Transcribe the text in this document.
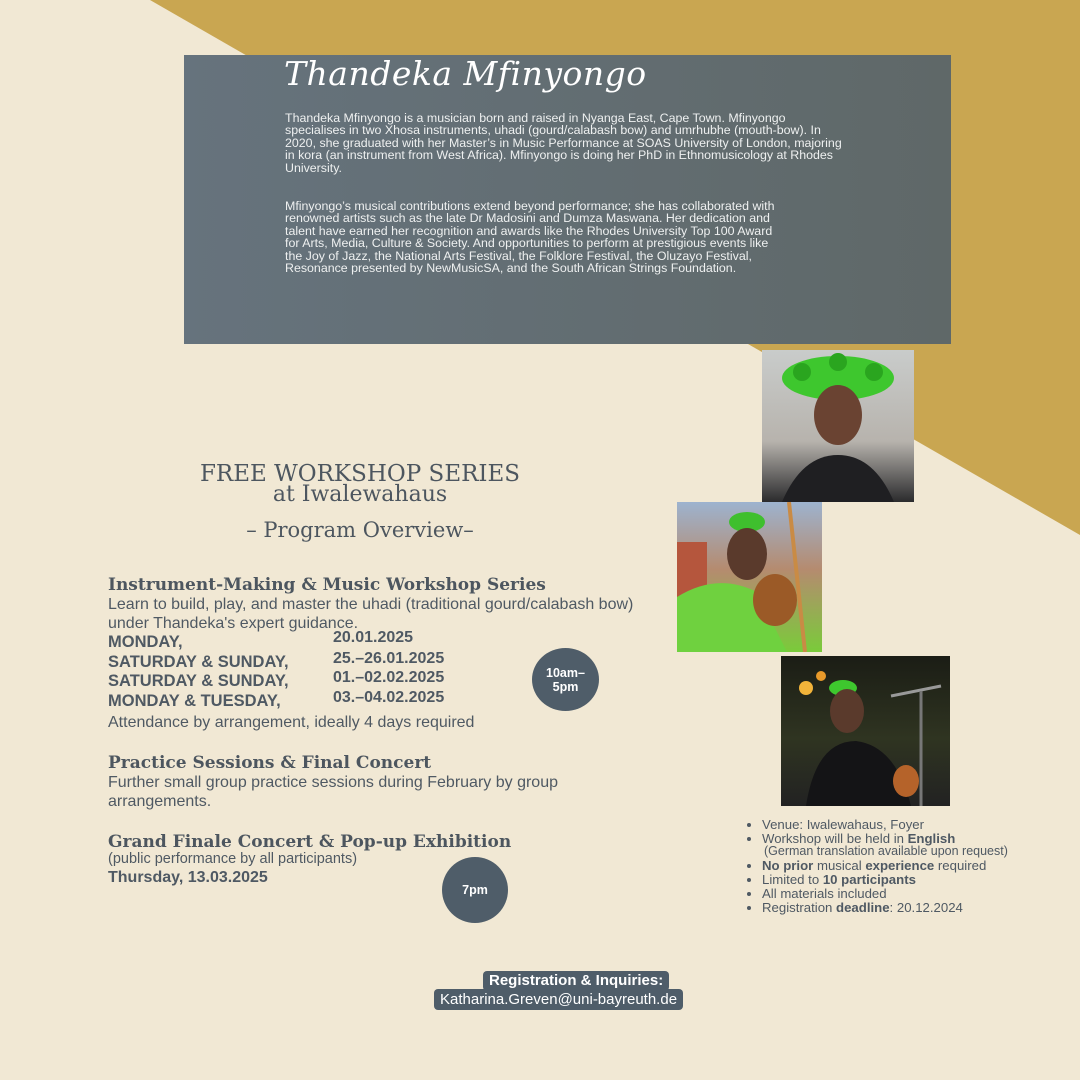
Thandeka Mfinyongo

Thandeka Mfinyongo is a musician born and raised in Nyanga East, Cape Town. Mfinyongo specialises in two Xhosa instruments, uhadi (gourd/calabash bow) and umrhubhe (mouth-bow). In 2020, she graduated with her Master’s in Music Performance at SOAS University of London, majoring in kora (an instrument from West Africa). Mfinyongo is doing her PhD in Ethnomusicology at Rhodes University.

Mfinyongo’s musical contributions extend beyond performance; she has collaborated with renowned artists such as the late Dr Madosini and Dumza Maswana. Her dedication and talent have earned her recognition and awards like the Rhodes University Top 100 Award for Arts, Media, Culture & Society. And opportunities to perform at prestigious events like the Joy of Jazz, the National Arts Festival, the Folklore Festival, the Oluzayo Festival, Resonance presented by NewMusicSA, and the South African Strings Foundation.

FREE WORKSHOP SERIES
at Iwalewahaus
– Program Overview–
Instrument-Making & Music Workshop Series
Learn to build, play, and master the uhadi (traditional gourd/calabash bow) under Thandeka's expert guidance.
MONDAY,	20.01.2025
SATURDAY & SUNDAY,	25.–26.01.2025
SATURDAY & SUNDAY,	01.–02.02.2025
MONDAY & TUESDAY,	03.–04.02.2025
10am–
5pm
Attendance by arrangement, ideally 4 days required
Practice Sessions & Final Concert
Further small group practice sessions during February by group arrangements.
Grand Finale Concert & Pop-up Exhibition
(public performance by all participants)
Thursday, 13.03.2025
7pm
• Venue: Iwalewahaus, Foyer
• Workshop will be held in English
(German translation available upon request)
• No prior musical experience required
• Limited to 10 participants
• All materials included
• Registration deadline: 20.12.2024
Registration & Inquiries:
Katharina.Greven@uni-bayreuth.de
